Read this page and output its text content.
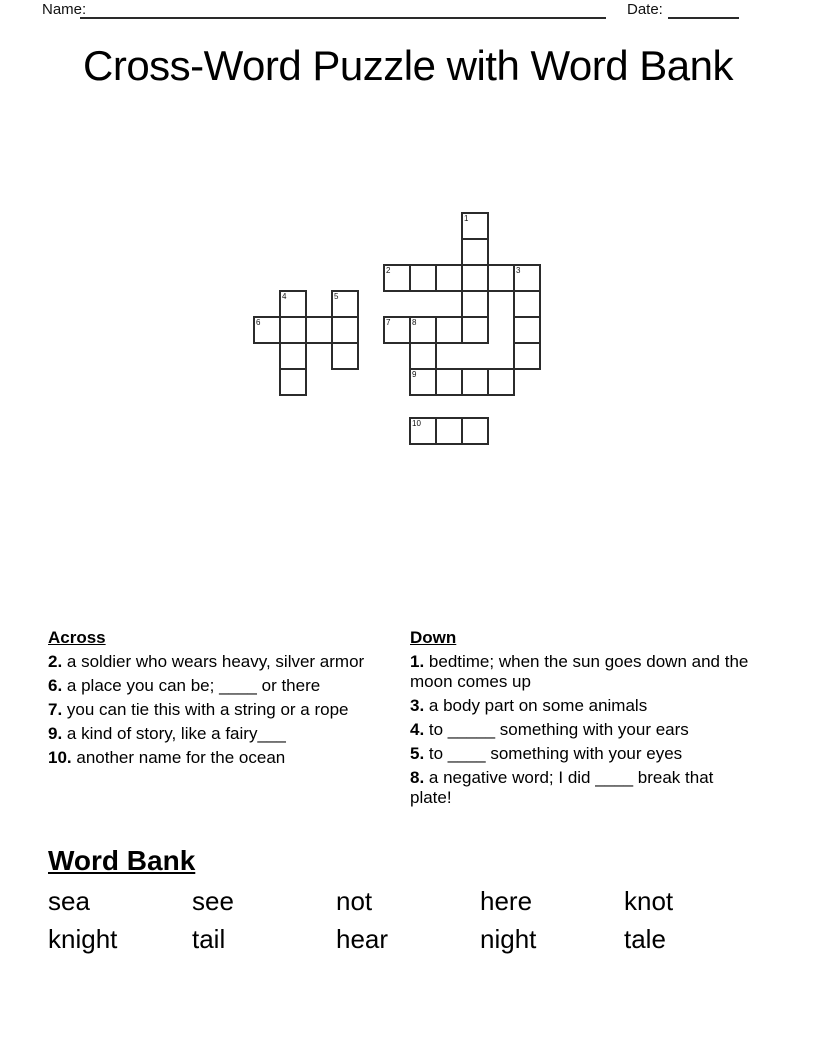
Name:	Date:
Cross-Word Puzzle with Word Bank
1
2	3
4	5
6	7	8
9
10
Across
2. a soldier who wears heavy, silver armor
6. a place you can be; ____ or there
7. you can tie this with a string or a rope
9. a kind of story, like a fairy___
10. another name for the ocean
Down
1. bedtime; when the sun goes down and the moon comes up
3. a body part on some animals
4. to _____ something with your ears
5. to ____ something with your eyes
8. a negative word; I did ____ break that plate!
Word Bank
sea	see	not	here	knot
knight	tail	hear	night	tale
